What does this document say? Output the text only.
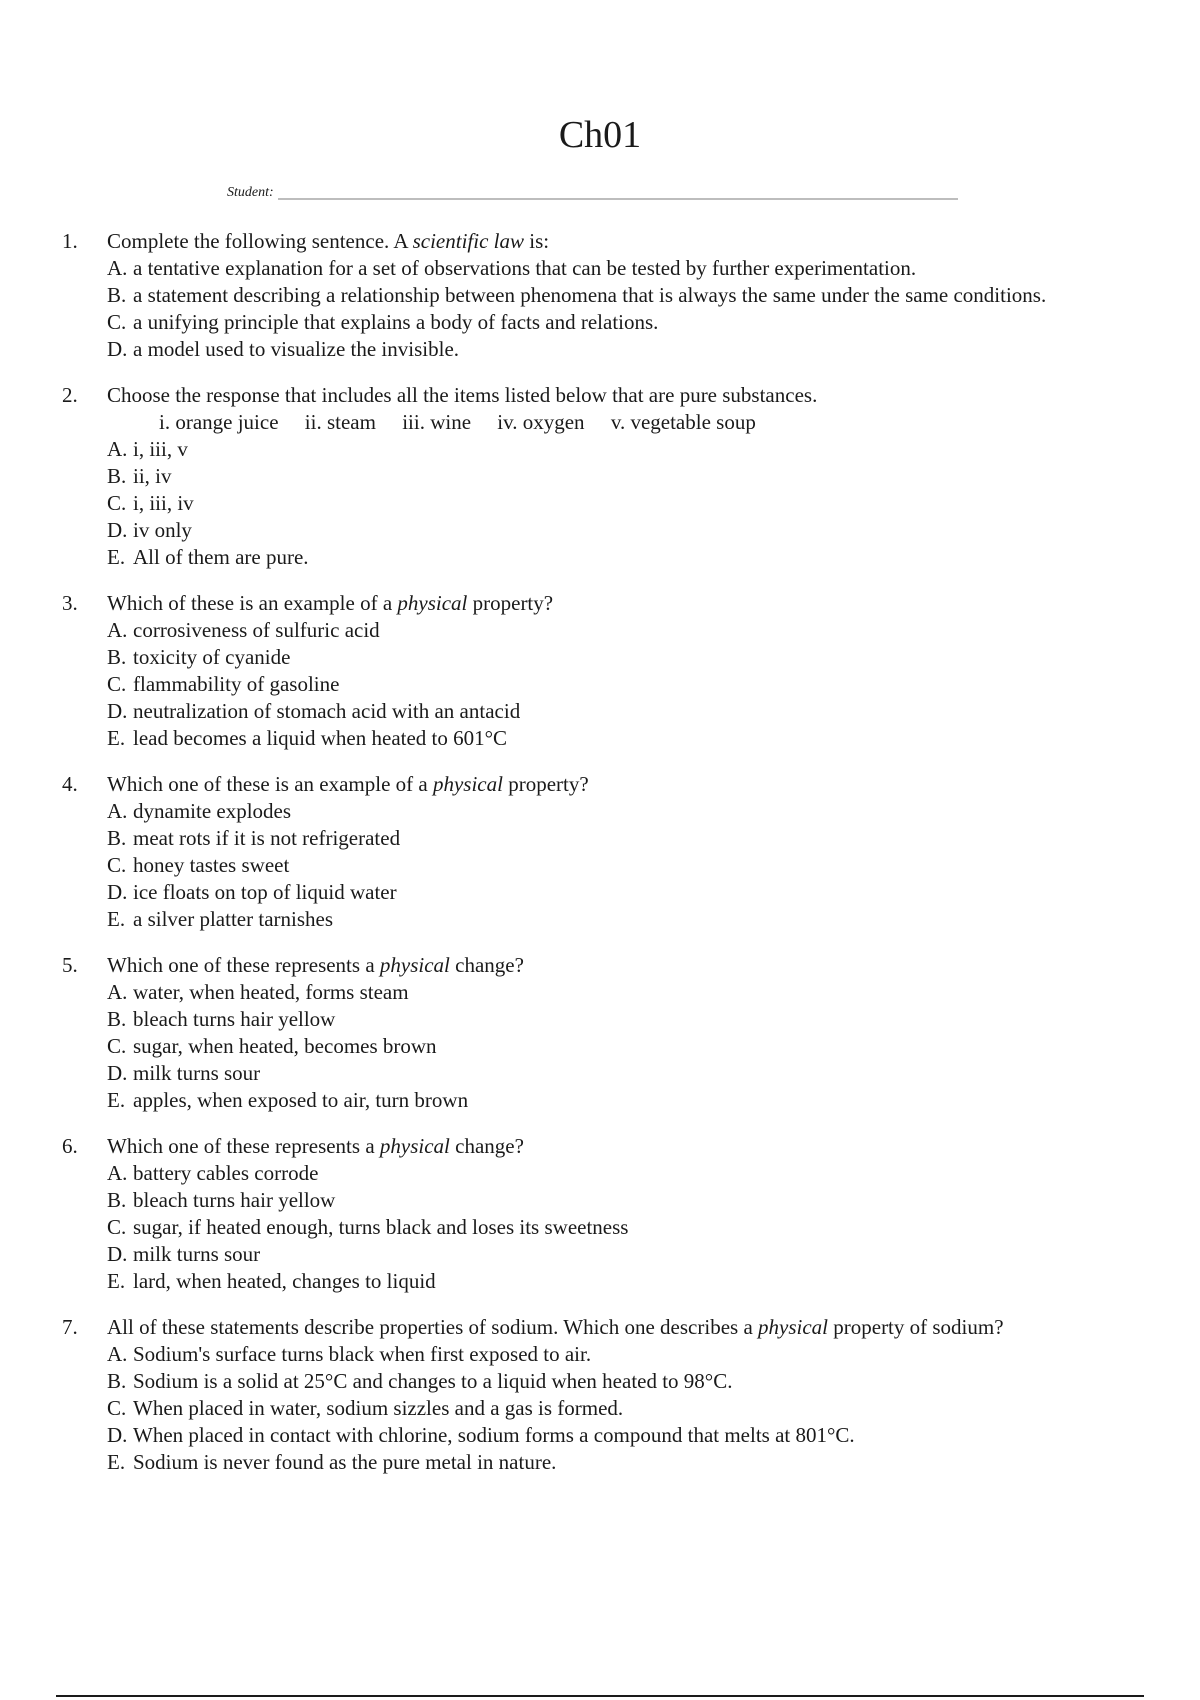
Ch01
Student:
1. Complete the following sentence. A scientific law is:
A. a tentative explanation for a set of observations that can be tested by further experimentation.
B. a statement describing a relationship between phenomena that is always the same under the same conditions.
C. a unifying principle that explains a body of facts and relations.
D. a model used to visualize the invisible.
2. Choose the response that includes all the items listed below that are pure substances.
i. orange juice ii. steam iii. wine iv. oxygen v. vegetable soup
A. i, iii, v
B. ii, iv
C. i, iii, iv
D. iv only
E. All of them are pure.
3. Which of these is an example of a physical property?
A. corrosiveness of sulfuric acid
B. toxicity of cyanide
C. flammability of gasoline
D. neutralization of stomach acid with an antacid
E. lead becomes a liquid when heated to 601°C
4. Which one of these is an example of a physical property?
A. dynamite explodes
B. meat rots if it is not refrigerated
C. honey tastes sweet
D. ice floats on top of liquid water
E. a silver platter tarnishes
5. Which one of these represents a physical change?
A. water, when heated, forms steam
B. bleach turns hair yellow
C. sugar, when heated, becomes brown
D. milk turns sour
E. apples, when exposed to air, turn brown
6. Which one of these represents a physical change?
A. battery cables corrode
B. bleach turns hair yellow
C. sugar, if heated enough, turns black and loses its sweetness
D. milk turns sour
E. lard, when heated, changes to liquid
7. All of these statements describe properties of sodium. Which one describes a physical property of sodium?
A. Sodium's surface turns black when first exposed to air.
B. Sodium is a solid at 25°C and changes to a liquid when heated to 98°C.
C. When placed in water, sodium sizzles and a gas is formed.
D. When placed in contact with chlorine, sodium forms a compound that melts at 801°C.
E. Sodium is never found as the pure metal in nature.
